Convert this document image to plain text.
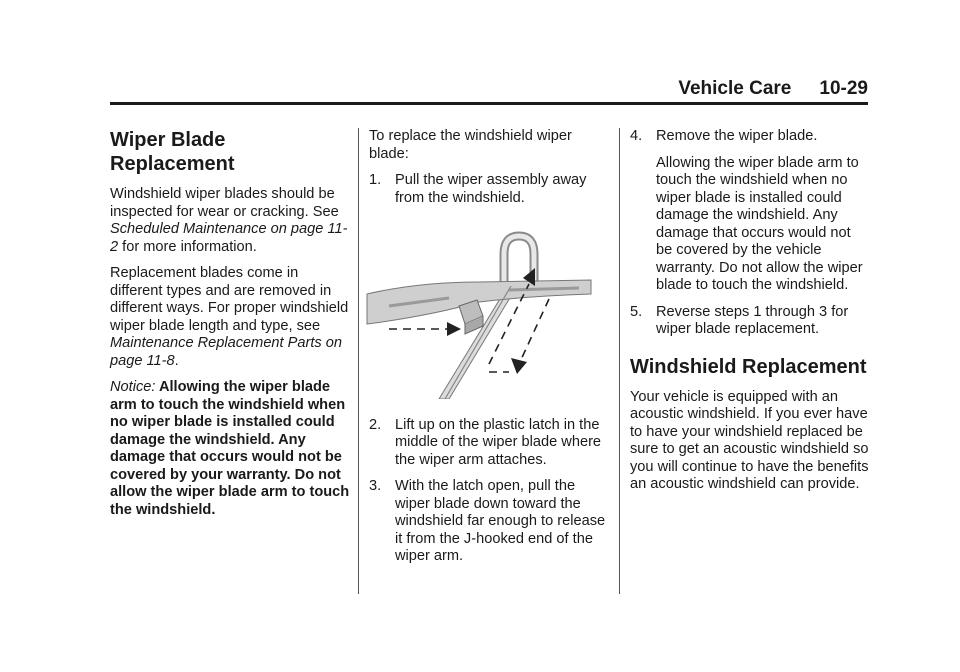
Vehicle Care 10-29
Wiper Blade Replacement

Windshield wiper blades should be inspected for wear or cracking. See Scheduled Maintenance on page 11-2 for more information.

Replacement blades come in different types and are removed in different ways. For proper windshield wiper blade length and type, see Maintenance Replacement Parts on page 11-8.

Notice: Allowing the wiper blade arm to touch the windshield when no wiper blade is installed could damage the windshield. Any damage that occurs would not be covered by your warranty. Do not allow the wiper blade arm to touch the windshield.

To replace the windshield wiper blade:

1. Pull the wiper assembly away from the windshield.
2. Lift up on the plastic latch in the middle of the wiper blade where the wiper arm attaches.
3. With the latch open, pull the wiper blade down toward the windshield far enough to release it from the J-hooked end of the wiper arm.
4. Remove the wiper blade.

Allowing the wiper blade arm to touch the windshield when no wiper blade is installed could damage the windshield. Any damage that occurs would not be covered by the vehicle warranty. Do not allow the wiper blade to touch the windshield.

5. Reverse steps 1 through 3 for wiper blade replacement.
Windshield Replacement

Your vehicle is equipped with an acoustic windshield. If you ever have to have your windshield replaced be sure to get an acoustic windshield so you will continue to have the benefits an acoustic windshield can provide.
